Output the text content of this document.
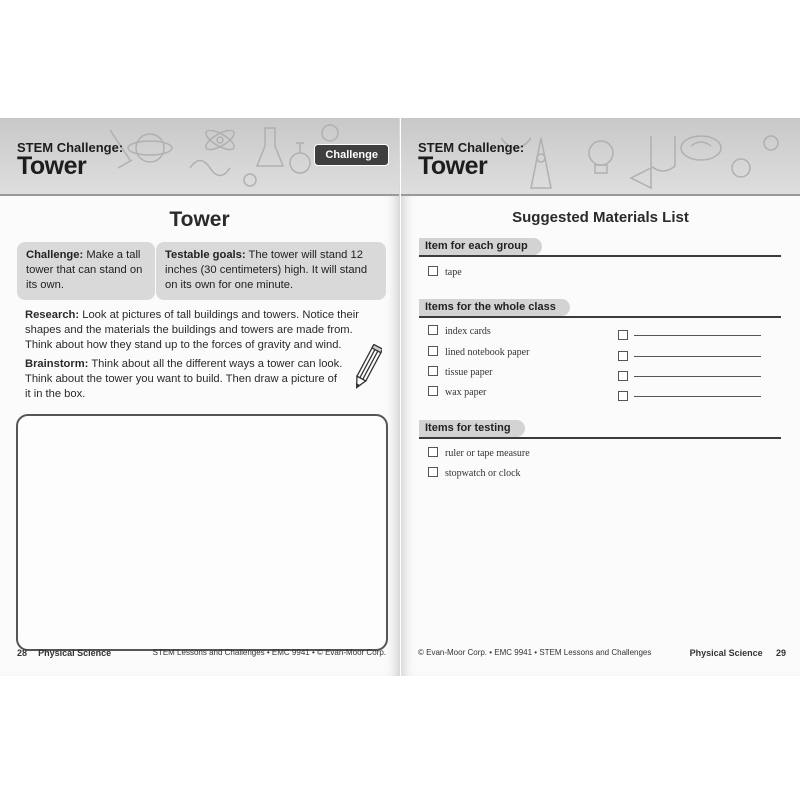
STEM Challenge:
Tower	Challenge
Tower
Challenge: Make a tall tower that can stand on its own.
Testable goals: The tower will stand 12 inches (30 centimeters) high. It will stand on its own for one minute.
Research: Look at pictures of tall buildings and towers. Notice their shapes and the materials the buildings and towers are made from. Think about how they stand up to the forces of gravity and wind.
Brainstorm: Think about all the different ways a tower can look. Think about the tower you want to build. Then draw a picture of it in the box.
28 Physical Science	STEM Lessons and Challenges • EMC 9941 • © Evan-Moor Corp.
STEM Challenge:
Tower
Suggested Materials List
Item for each group
tape
Items for the whole class
index cards
lined notebook paper
tissue paper
wax paper
Items for testing
ruler or tape measure
stopwatch or clock
© Evan-Moor Corp. • EMC 9941 • STEM Lessons and Challenges	Physical Science 29
